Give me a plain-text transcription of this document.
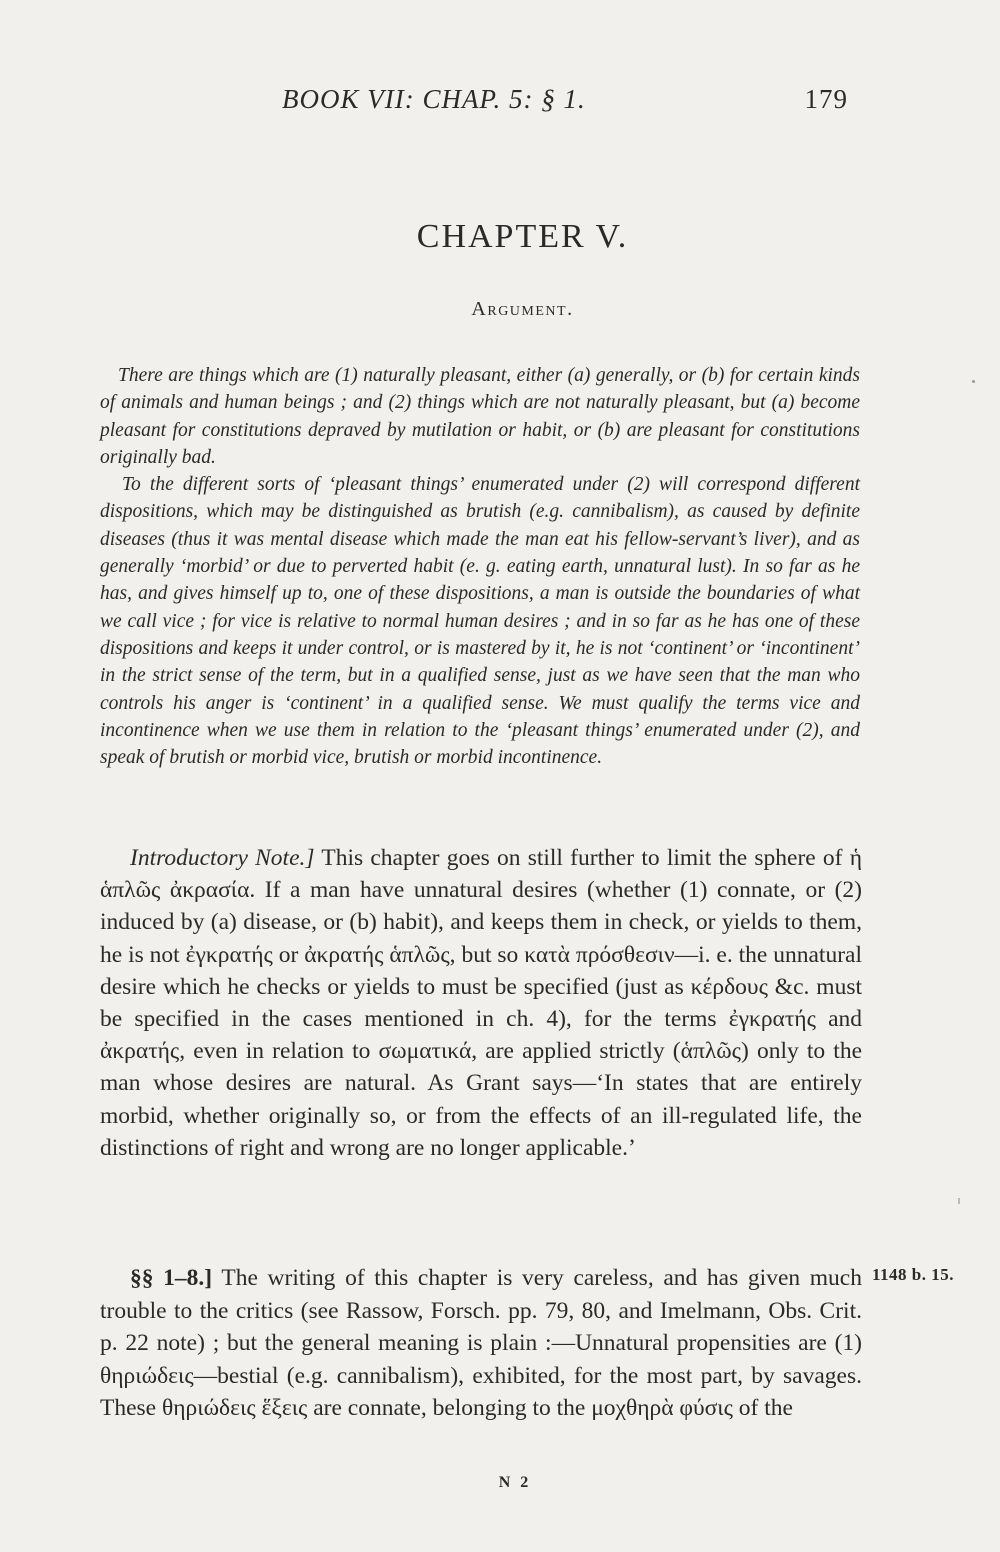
BOOK VII: CHAP. 5: § 1.	179
CHAPTER V.
Argument.

There are things which are (1) naturally pleasant, either (a) generally, or (b) for certain kinds of animals and human beings ; and (2) things which are not naturally pleasant, but (a) become pleasant for constitutions depraved by mutilation or habit, or (b) are pleasant for constitutions originally bad.

To the different sorts of ‘pleasant things’ enumerated under (2) will correspond different dispositions, which may be distinguished as brutish (e.g. cannibalism), as caused by definite diseases (thus it was mental disease which made the man eat his fellow-servant’s liver), and as generally ‘morbid’ or due to perverted habit (e. g. eating earth, unnatural lust). In so far as he has, and gives himself up to, one of these dispositions, a man is outside the boundaries of what we call vice ; for vice is relative to normal human desires ; and in so far as he has one of these dispositions and keeps it under control, or is mastered by it, he is not ‘continent’ or ‘incontinent’ in the strict sense of the term, but in a qualified sense, just as we have seen that the man who controls his anger is ‘continent’ in a qualified sense. We must qualify the terms vice and incontinence when we use them in relation to the ‘pleasant things’ enumerated under (2), and speak of brutish or morbid vice, brutish or morbid incontinence.

Introductory Note.] This chapter goes on still further to limit the sphere of ἡ ἁπλῶς ἀκρασία. If a man have unnatural desires (whether (1) connate, or (2) induced by (a) disease, or (b) habit), and keeps them in check, or yields to them, he is not ἐγκρατής or ἀκρατής ἁπλῶς, but so κατὰ πρόσθεσιν—i. e. the unnatural desire which he checks or yields to must be specified (just as κέρδους &c. must be specified in the cases mentioned in ch. 4), for the terms ἐγκρατής and ἀκρατής, even in relation to σωματικά, are applied strictly (ἁπλῶς) only to the man whose desires are natural. As Grant says—‘In states that are entirely morbid, whether originally so, or from the effects of an ill-regulated life, the distinctions of right and wrong are no longer applicable.’

§§ 1–8.] The writing of this chapter is very careless, and has given much trouble to the critics (see Rassow, Forsch. pp. 79, 80, and Imelmann, Obs. Crit. p. 22 note) ; but the general meaning is plain :—Unnatural propensities are (1) θηριώδεις—bestial (e.g. cannibalism), exhibited, for the most part, by savages. These θηριώδεις ἕξεις are connate, belonging to the μοχθηρὰ φύσις of the

1148 b. 15.
N 2
